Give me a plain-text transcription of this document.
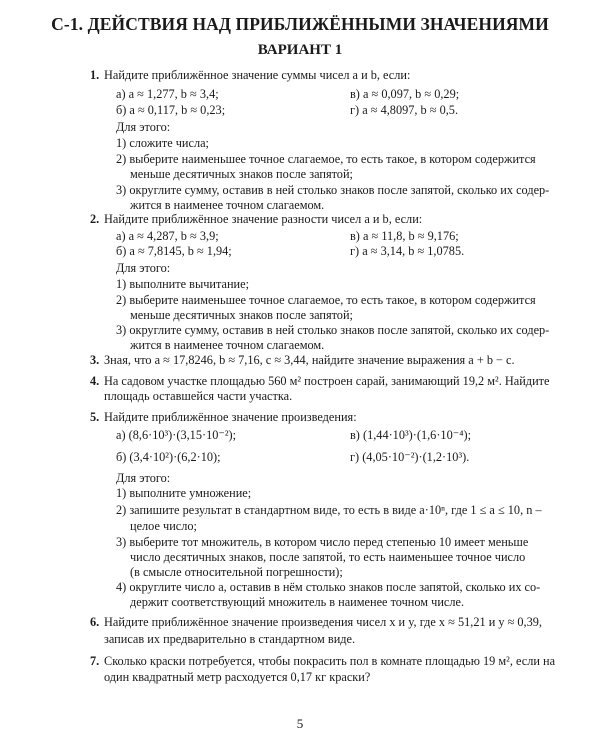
С-1. ДЕЙСТВИЯ НАД ПРИБЛИЖЁННЫМИ ЗНАЧЕНИЯМИ
ВАРИАНТ 1
1. Найдите приближённое значение суммы чисел a и b, если:
а) a ≈ 1,277, b ≈ 3,4;	в) a ≈ 0,097, b ≈ 0,29;
б) a ≈ 0,117, b ≈ 0,23;	г) a ≈ 4,8097, b ≈ 0,5.
Для этого:
1) сложите числа;
2) выберите наименьшее точное слагаемое, то есть такое, в котором содержится
меньше десятичных знаков после запятой;
3) округлите сумму, оставив в ней столько знаков после запятой, сколько их содер-
жится в наименее точном слагаемом.
2. Найдите приближённое значение разности чисел a и b, если:
а) a ≈ 4,287, b ≈ 3,9;	в) a ≈ 11,8, b ≈ 9,176;
б) a ≈ 7,8145, b ≈ 1,94;	г) a ≈ 3,14, b ≈ 1,0785.
Для этого:
1) выполните вычитание;
2) выберите наименьшее точное слагаемое, то есть такое, в котором содержится
меньше десятичных знаков после запятой;
3) округлите сумму, оставив в ней столько знаков после запятой, сколько их содер-
жится в наименее точном слагаемом.
3. Зная, что a ≈ 17,8246, b ≈ 7,16, c ≈ 3,44, найдите значение выражения a + b − c.
4. На садовом участке площадью 560 м² построен сарай, занимающий 19,2 м². Найдите
площадь оставшейся части участка.
5. Найдите приближённое значение произведения:
а) (8,6·10³)·(3,15·10⁻²);	в) (1,44·10³)·(1,6·10⁻⁴);
б) (3,4·10²)·(6,2·10);	г) (4,05·10⁻²)·(1,2·10³).
Для этого:
1) выполните умножение;
2) запишите результат в стандартном виде, то есть в виде a·10ⁿ, где 1 ≤ a ≤ 10, n –
целое число;
3) выберите тот множитель, в котором число перед степенью 10 имеет меньше
число десятичных знаков, после запятой, то есть наименьшее точное число
(в смысле относительной погрешности);
4) округлите число a, оставив в нём столько знаков после запятой, сколько их со-
держит соответствующий множитель в наименее точном числе.
6. Найдите приближённое значение произведения чисел x и y, где x ≈ 51,21 и y ≈ 0,39,
записав их предварительно в стандартном виде.
7. Сколько краски потребуется, чтобы покрасить пол в комнате площадью 19 м², если на
один квадратный метр расходуется 0,17 кг краски?
5
